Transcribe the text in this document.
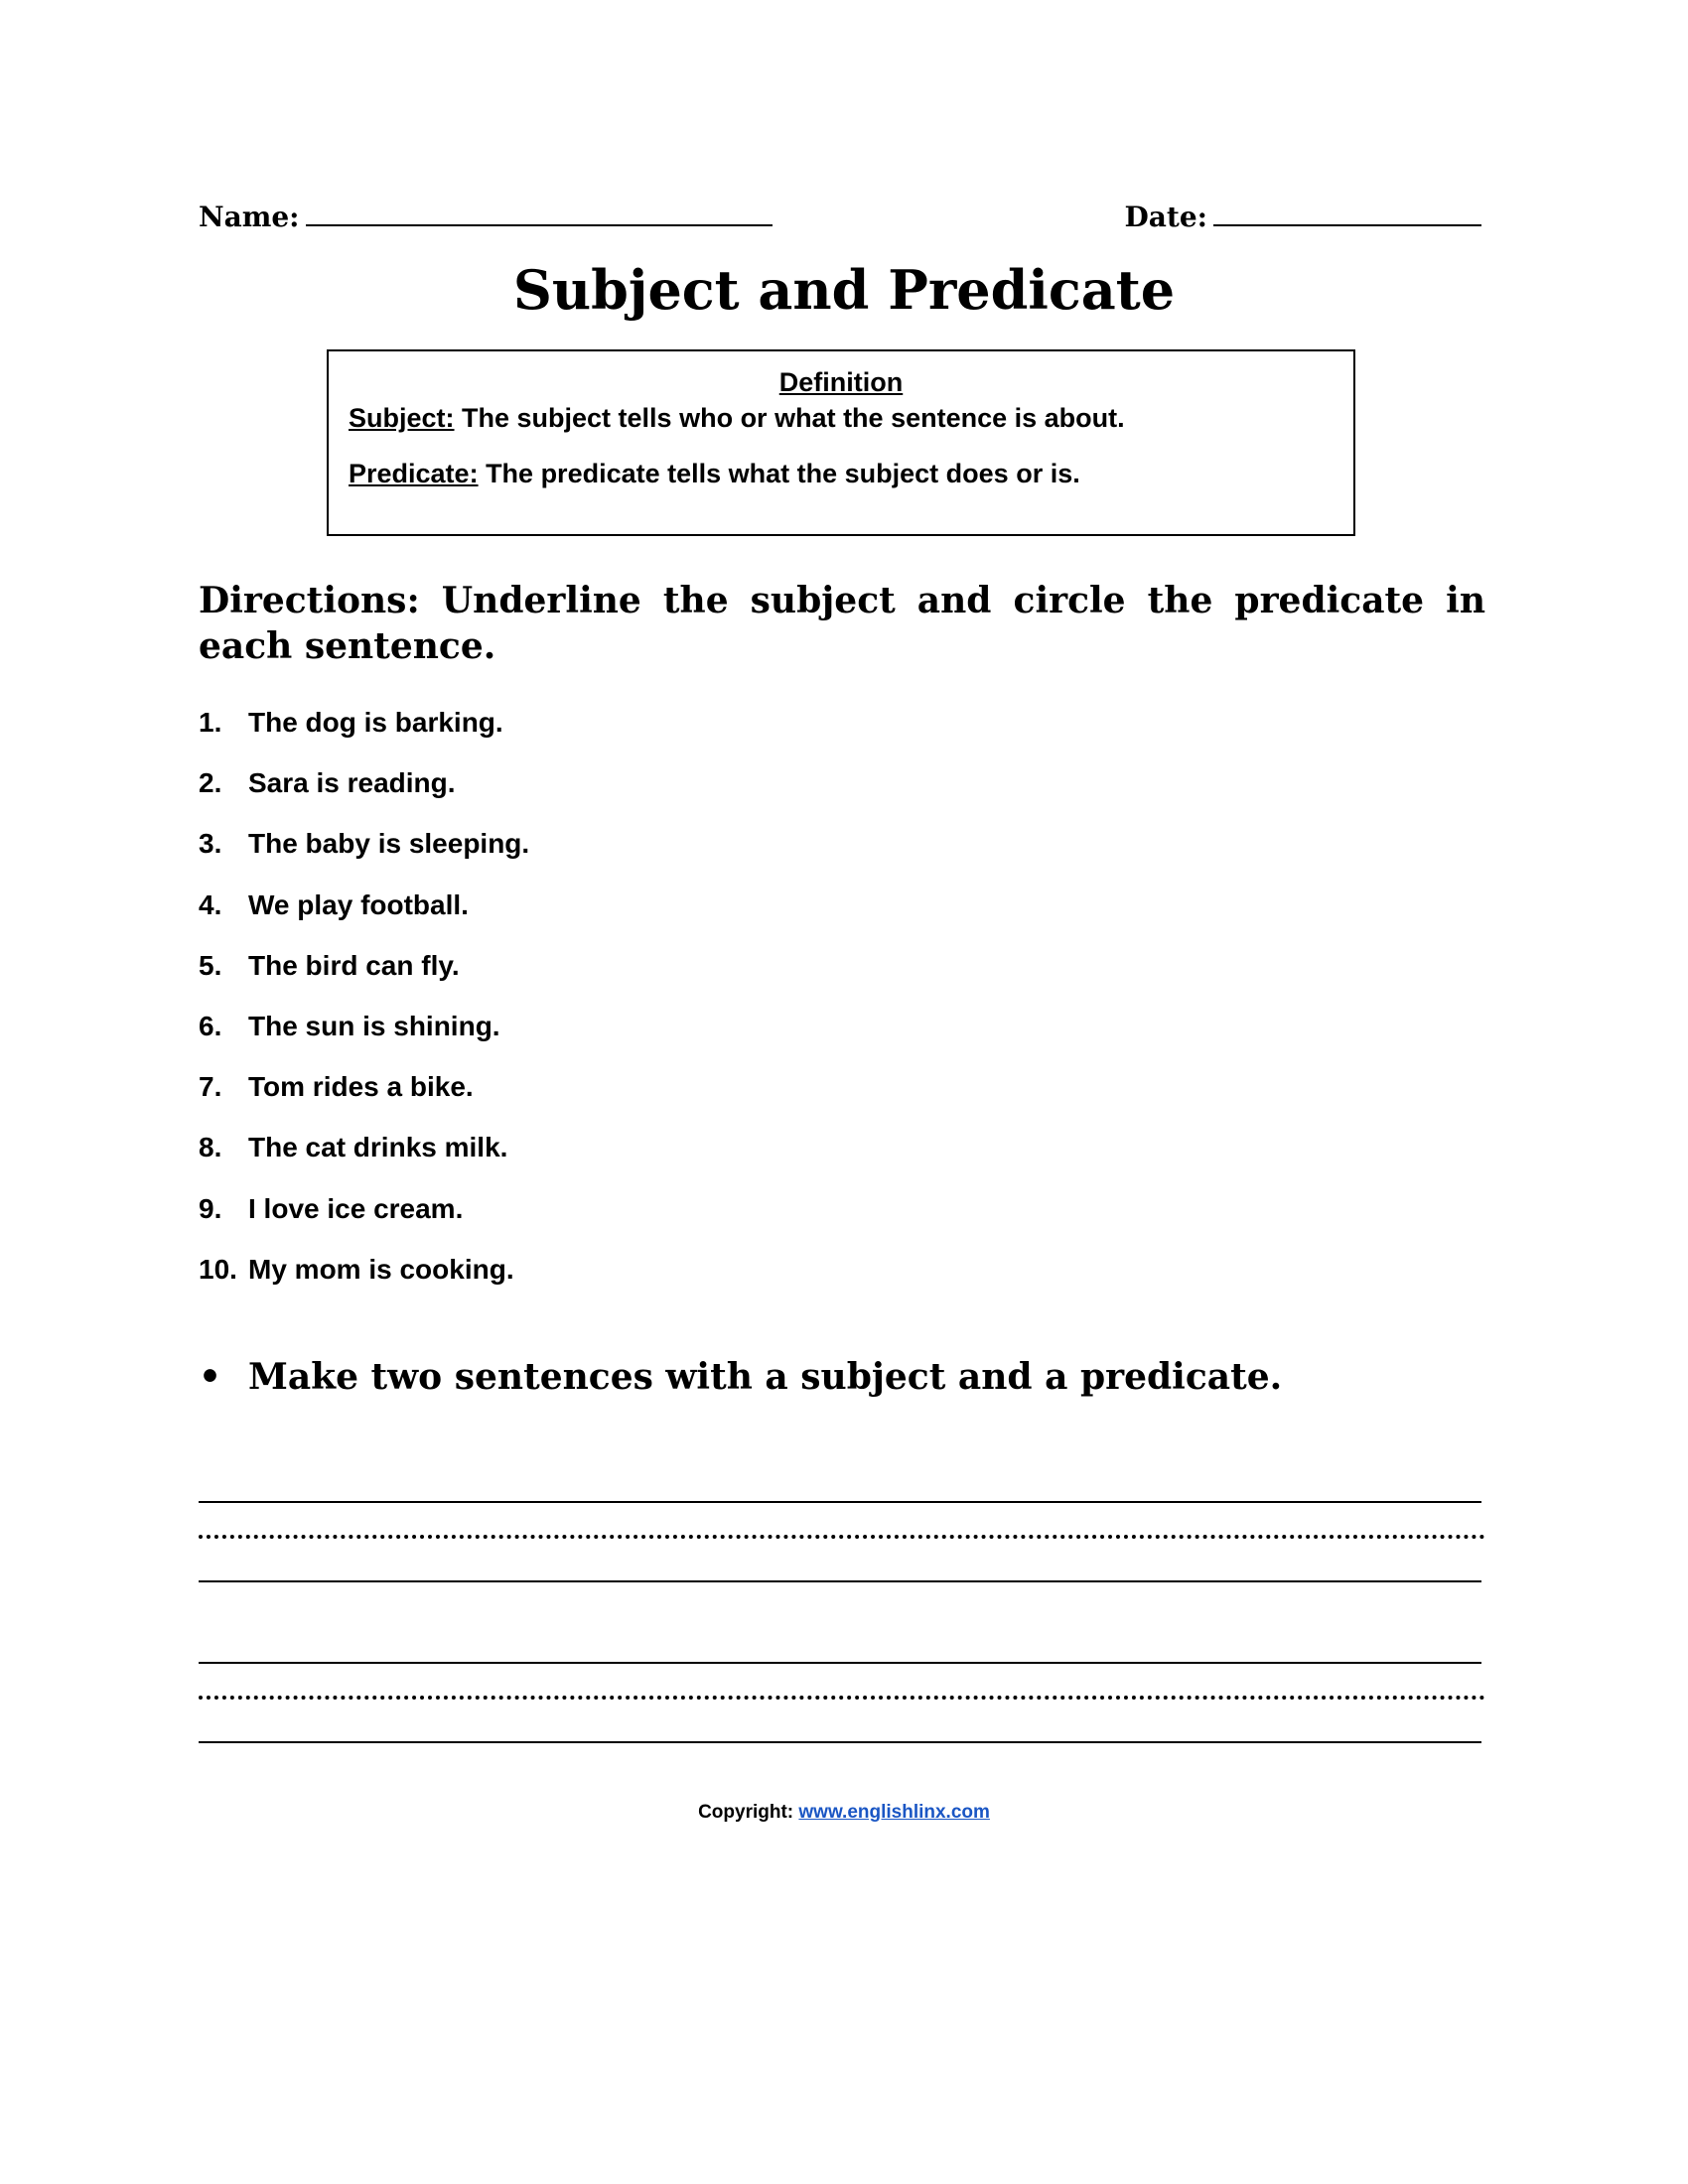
Name:	Date:
Subject and Predicate
Definition
Subject: The subject tells who or what the sentence is about.
Predicate: The predicate tells what the subject does or is.

Directions: Underline the subject and circle the predicate in each sentence.

1. The dog is barking.
2. Sara is reading.
3. The baby is sleeping.
4. We play football.
5. The bird can fly.
6. The sun is shining.
7. Tom rides a bike.
8. The cat drinks milk.
9. I love ice cream.
10. My mom is cooking.
• Make two sentences with a subject and a predicate.
Copyright: www.englishlinx.com
